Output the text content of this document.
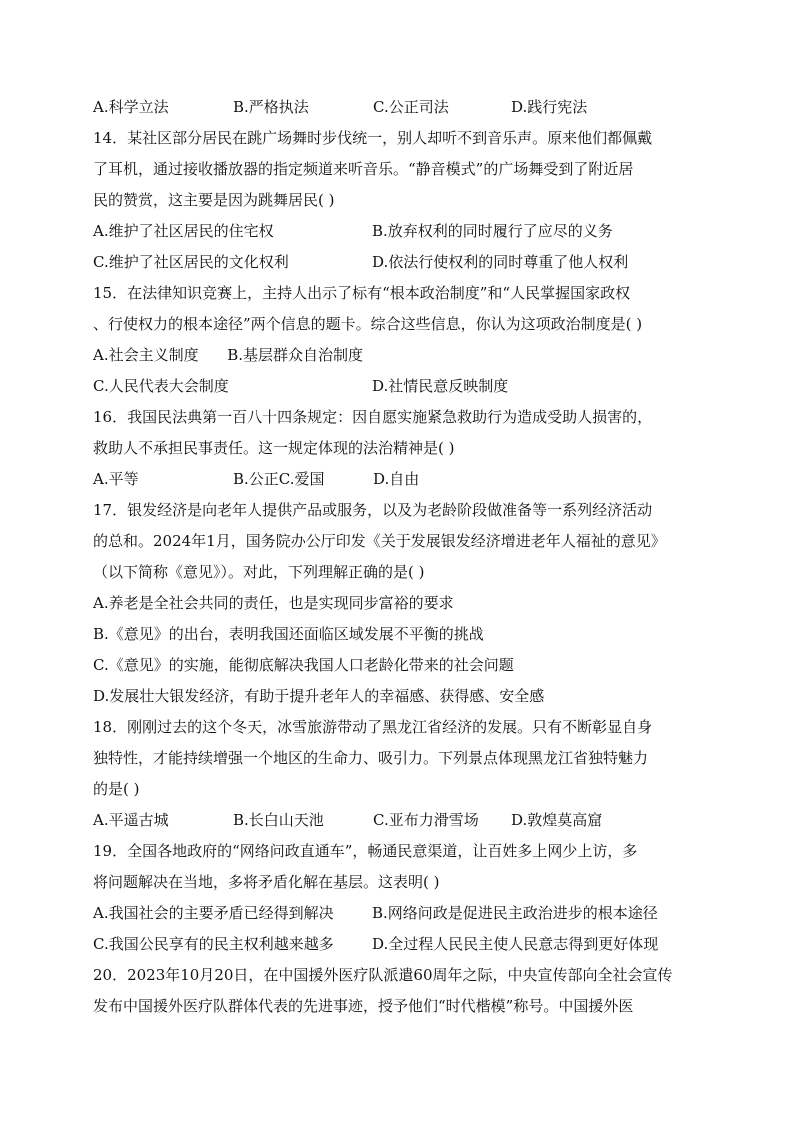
A.科学立法	B.严格执法	C.公正司法	D.践行宪法
14．某社区部分居民在跳广场舞时步伐统一，别人却听不到音乐声。原来他们都佩戴
了耳机，通过接收播放器的指定频道来听音乐。“静音模式”的广场舞受到了附近居
民的赞赏，这主要是因为跳舞居民( )
A.维护了社区居民的住宅权	B.放弃权利的同时履行了应尽的义务
C.维护了社区居民的文化权利	D.依法行使权利的同时尊重了他人权利
15．在法律知识竞赛上，主持人出示了标有“根本政治制度”和“人民掌握国家政权
、行使权力的根本途径”两个信息的题卡。综合这些信息，你认为这项政治制度是( )
A.社会主义制度      B.基层群众自治制度
C.人民代表大会制度	D.社情民意反映制度
16．我国民法典第一百八十四条规定：因自愿实施紧急救助行为造成受助人损害的，
救助人不承担民事责任。这一规定体现的法治精神是( )
A.平等	B.公正C.爱国	D.自由
17．银发经济是向老年人提供产品或服务，以及为老龄阶段做准备等一系列经济活动
的总和。2024年1月，国务院办公厅印发《关于发展银发经济增进老年人福祉的意见》
（以下简称《意见》）。对此，下列理解正确的是( )
A.养老是全社会共同的责任，也是实现同步富裕的要求
B.《意见》的出台，表明我国还面临区域发展不平衡的挑战
C.《意见》的实施，能彻底解决我国人口老龄化带来的社会问题
D.发展壮大银发经济，有助于提升老年人的幸福感、获得感、安全感
18．刚刚过去的这个冬天，冰雪旅游带动了黑龙江省经济的发展。只有不断彰显自身
独特性，才能持续增强一个地区的生命力、吸引力。下列景点体现黑龙江省独特魅力
的是( )
A.平遥古城	B.长白山天池	C.亚布力滑雪场	D.敦煌莫高窟
19．全国各地政府的“网络问政直通车”，畅通民意渠道，让百姓多上网少上访，多
将问题解决在当地，多将矛盾化解在基层。这表明( )
A.我国社会的主要矛盾已经得到解决	B.网络问政是促进民主政治进步的根本途径
C.我国公民享有的民主权利越来越多	D.全过程人民民主使人民意志得到更好体现
20．2023年10月20日，在中国援外医疗队派遣60周年之际，中央宣传部向全社会宣传
发布中国援外医疗队群体代表的先进事迹，授予他们“时代楷模”称号。中国援外医
